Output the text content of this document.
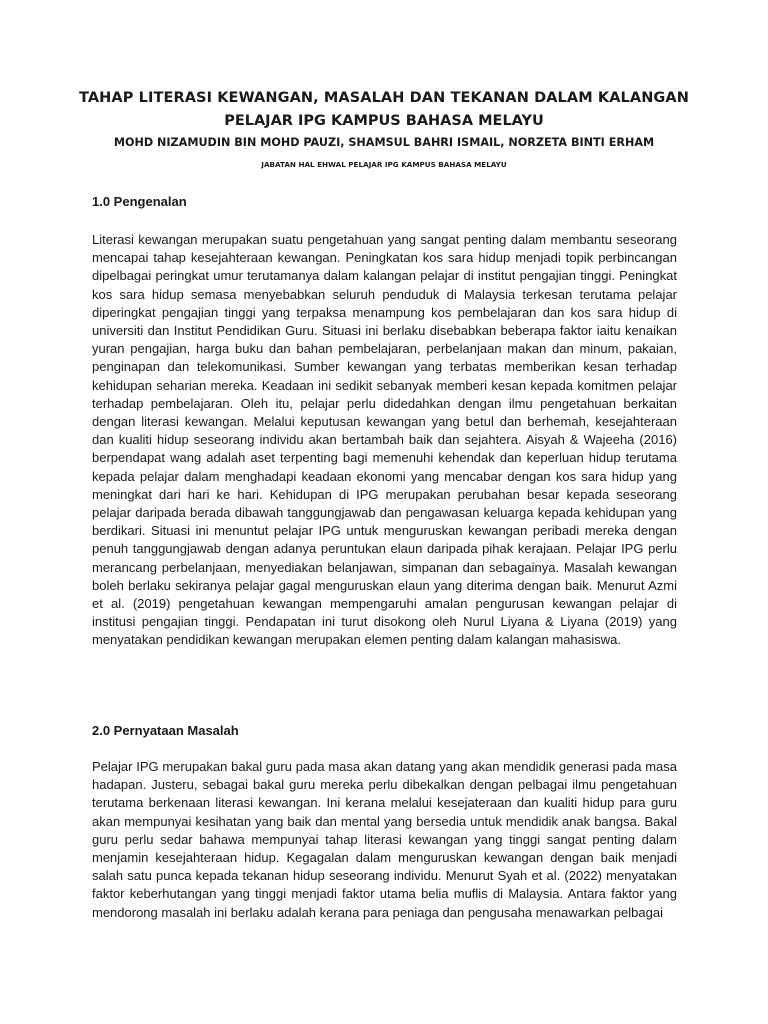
TAHAP LITERASI KEWANGAN, MASALAH DAN TEKANAN DALAM KALANGAN
PELAJAR IPG KAMPUS BAHASA MELAYU
MOHD NIZAMUDIN BIN MOHD PAUZI, SHAMSUL BAHRI ISMAIL, NORZETA BINTI ERHAM
JABATAN HAL EHWAL PELAJAR IPG KAMPUS BAHASA MELAYU
1.0 Pengenalan

Literasi kewangan merupakan suatu pengetahuan yang sangat penting dalam membantu seseorang mencapai tahap kesejahteraan kewangan. Peningkatan kos sara hidup menjadi topik perbincangan dipelbagai peringkat umur terutamanya dalam kalangan pelajar di institut pengajian tinggi. Peningkat kos sara hidup semasa menyebabkan seluruh penduduk di Malaysia terkesan terutama pelajar diperingkat pengajian tinggi yang terpaksa menampung kos pembelajaran dan kos sara hidup di universiti dan Institut Pendidikan Guru. Situasi ini berlaku disebabkan beberapa faktor iaitu kenaikan yuran pengajian, harga buku dan bahan pembelajaran, perbelanjaan makan dan minum, pakaian, penginapan dan telekomunikasi. Sumber kewangan yang terbatas memberikan kesan terhadap kehidupan seharian mereka. Keadaan ini sedikit sebanyak memberi kesan kepada komitmen pelajar terhadap pembelajaran. Oleh itu, pelajar perlu didedahkan dengan ilmu pengetahuan berkaitan dengan literasi kewangan. Melalui keputusan kewangan yang betul dan berhemah, kesejahteraan dan kualiti hidup seseorang individu akan bertambah baik dan sejahtera. Aisyah & Wajeeha (2016) berpendapat wang adalah aset terpenting bagi memenuhi kehendak dan keperluan hidup terutama kepada pelajar dalam menghadapi keadaan ekonomi yang mencabar dengan kos sara hidup yang meningkat dari hari ke hari. Kehidupan di IPG merupakan perubahan besar kepada seseorang pelajar daripada berada dibawah tanggungjawab dan pengawasan keluarga kepada kehidupan yang berdikari. Situasi ini menuntut pelajar IPG untuk menguruskan kewangan peribadi mereka dengan penuh tanggungjawab dengan adanya peruntukan elaun daripada pihak kerajaan. Pelajar IPG perlu merancang perbelanjaan, menyediakan belanjawan, simpanan dan sebagainya. Masalah kewangan boleh berlaku sekiranya pelajar gagal menguruskan elaun yang diterima dengan baik. Menurut Azmi et al. (2019) pengetahuan kewangan mempengaruhi amalan pengurusan kewangan pelajar di institusi pengajian tinggi. Pendapatan ini turut disokong oleh Nurul Liyana & Liyana (2019) yang menyatakan pendidikan kewangan merupakan elemen penting dalam kalangan mahasiswa.

2.0 Pernyataan Masalah

Pelajar IPG merupakan bakal guru pada masa akan datang yang akan mendidik generasi pada masa hadapan. Justeru, sebagai bakal guru mereka perlu dibekalkan dengan pelbagai ilmu pengetahuan terutama berkenaan literasi kewangan. Ini kerana melalui kesejateraan dan kualiti hidup para guru akan mempunyai kesihatan yang baik dan mental yang bersedia untuk mendidik anak bangsa. Bakal guru perlu sedar bahawa mempunyai tahap literasi kewangan yang tinggi sangat penting dalam menjamin kesejahteraan hidup. Kegagalan dalam menguruskan kewangan dengan baik menjadi salah satu punca kepada tekanan hidup seseorang individu. Menurut Syah et al. (2022) menyatakan faktor keberhutangan yang tinggi menjadi faktor utama belia muflis di Malaysia. Antara faktor yang mendorong masalah ini berlaku adalah kerana para peniaga dan pengusaha menawarkan pelbagai
